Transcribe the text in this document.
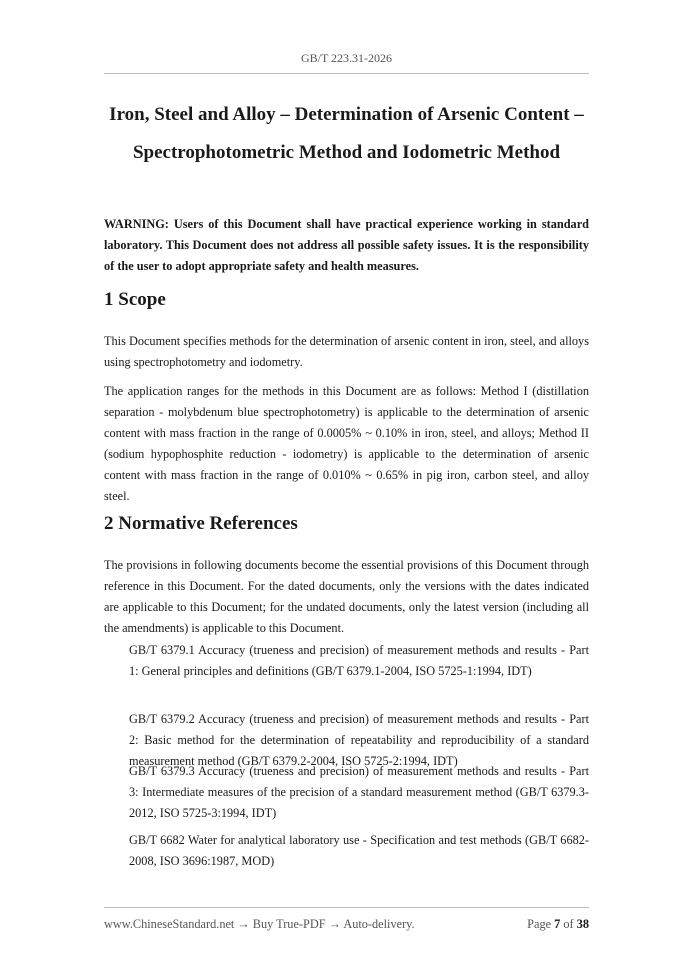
GB/T 223.31-2026
Iron, Steel and Alloy – Determination of Arsenic Content –
Spectrophotometric Method and Iodometric Method
WARNING: Users of this Document shall have practical experience working in standard laboratory. This Document does not address all possible safety issues. It is the responsibility of the user to adopt appropriate safety and health measures.
1 Scope
This Document specifies methods for the determination of arsenic content in iron, steel, and alloys using spectrophotometry and iodometry.
The application ranges for the methods in this Document are as follows: Method I (distillation separation - molybdenum blue spectrophotometry) is applicable to the determination of arsenic content with mass fraction in the range of 0.0005% ~ 0.10% in iron, steel, and alloys; Method II (sodium hypophosphite reduction - iodometry) is applicable to the determination of arsenic content with mass fraction in the range of 0.010% ~ 0.65% in pig iron, carbon steel, and alloy steel.
2 Normative References
The provisions in following documents become the essential provisions of this Document through reference in this Document. For the dated documents, only the versions with the dates indicated are applicable to this Document; for the undated documents, only the latest version (including all the amendments) is applicable to this Document.
GB/T 6379.1 Accuracy (trueness and precision) of measurement methods and results - Part 1: General principles and definitions (GB/T 6379.1-2004, ISO 5725-1:1994, IDT)
GB/T 6379.2 Accuracy (trueness and precision) of measurement methods and results - Part 2: Basic method for the determination of repeatability and reproducibility of a standard measurement method (GB/T 6379.2-2004, ISO 5725-2:1994, IDT)
GB/T 6379.3 Accuracy (trueness and precision) of measurement methods and results - Part 3: Intermediate measures of the precision of a standard measurement method (GB/T 6379.3-2012, ISO 5725-3:1994, IDT)
GB/T 6682 Water for analytical laboratory use - Specification and test methods (GB/T 6682-2008, ISO 3696:1987, MOD)
www.ChineseStandard.net → Buy True-PDF → Auto-delivery.	Page 7 of 38
